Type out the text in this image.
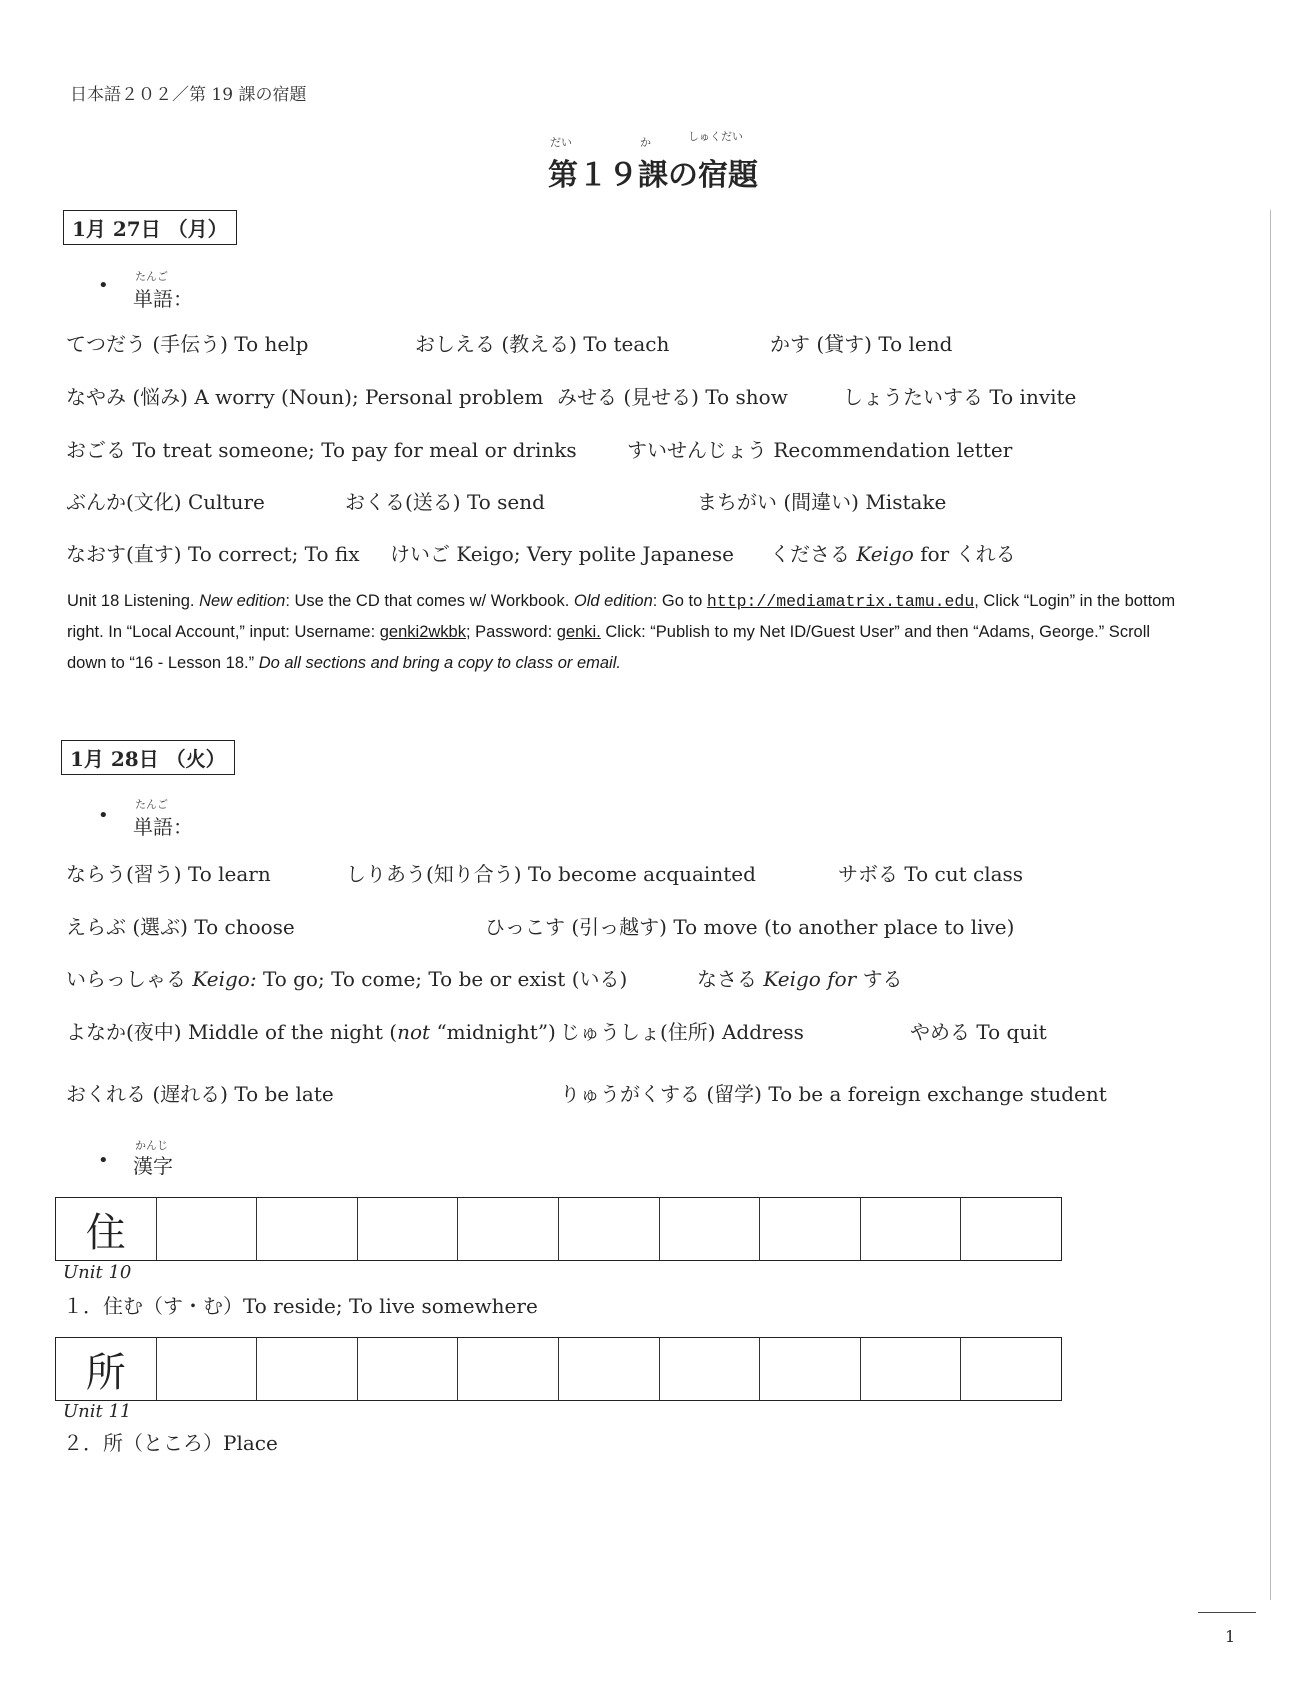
日本語２０２／第 19 課の宿題
だい	か	しゅくだい
第１９課の宿題
1月 27日 （月）
• たんご
単語：
てつだう (手伝う) To help	おしえる (教える) To teach	かす (貸す) To lend
なやみ (悩み) A worry (Noun); Personal problem みせる (見せる) To show	しょうたいする To invite
おごる To treat someone; To pay for meal or drinks	すいせんじょう Recommendation letter
ぶんか(文化) Culture	おくる(送る) To send	まちがい (間違い) Mistake
なおす(直す) To correct; To fix けいご Keigo; Very polite Japanese くださる Keigo for くれる
Unit 18 Listening. New edition: Use the CD that comes w/ Workbook. Old edition: Go to http://mediamatrix.tamu.edu, Click “Login” in the bottom right. In “Local Account,” input: Username: genki2wkbk; Password: genki. Click: “Publish to my Net ID/Guest User” and then “Adams, George.” Scroll down to “16 - Lesson 18.” Do all sections and bring a copy to class or email.
1月 28日 （火）
•
たんご
単語：
ならう(習う) To learn	しりあう(知り合う) To become acquainted	サボる To cut class
えらぶ (選ぶ) To choose	ひっこす (引っ越す) To move (to another place to live)
いらっしゃる Keigo: To go; To come; To be or exist (いる)	なさる Keigo for する
よなか(夜中) Middle of the night (not “midnight”) じゅうしょ(住所) Address	やめる To quit
おくれる (遅れる) To be late	りゅうがくする (留学) To be a foreign exchange student
•
かんじ
漢字
住
Unit 10
１．住む（す・む）To reside; To live somewhere
所
Unit 11
２．所（ところ）Place
1
